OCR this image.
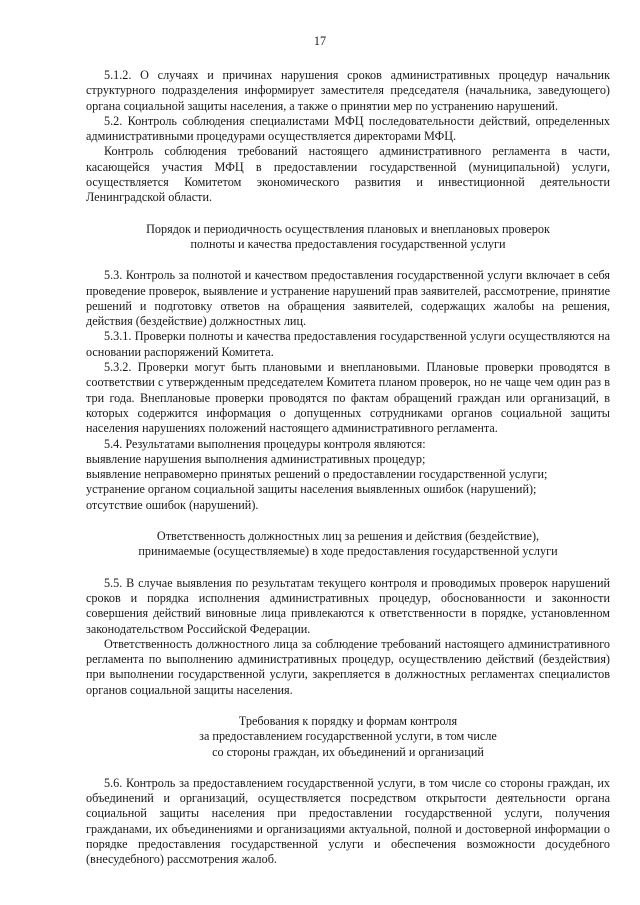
17

5.1.2. О случаях и причинах нарушения сроков административных процедур начальник структурного подразделения информирует заместителя председателя (начальника, заведующего) органа социальной защиты населения, а также о принятии мер по устранению нарушений.

5.2. Контроль соблюдения специалистами МФЦ последовательности действий, определенных административными процедурами осуществляется директорами МФЦ.

Контроль соблюдения требований настоящего административного регламента в части, касающейся участия МФЦ в предоставлении государственной (муниципальной) услуги, осуществляется Комитетом экономического развития и инвестиционной деятельности Ленинградской области.

Порядок и периодичность осуществления плановых и внеплановых проверок

полноты и качества предоставления государственной услуги

5.3. Контроль за полнотой и качеством предоставления государственной услуги включает в себя проведение проверок, выявление и устранение нарушений прав заявителей, рассмотрение, принятие решений и подготовку ответов на обращения заявителей, содержащих жалобы на решения, действия (бездействие) должностных лиц.

5.3.1. Проверки полноты и качества предоставления государственной услуги осуществляются на основании распоряжений Комитета.

5.3.2. Проверки могут быть плановыми и внеплановыми. Плановые проверки проводятся в соответствии с утвержденным председателем Комитета планом проверок, но не чаще чем один раз в три года. Внеплановые проверки проводятся по фактам обращений граждан или организаций, в которых содержится информация о допущенных сотрудниками органов социальной защиты населения нарушениях положений настоящего административного регламента.

5.4. Результатами выполнения процедуры контроля являются:

выявление нарушения выполнения административных процедур;

выявление неправомерно принятых решений о предоставлении государственной услуги;

устранение органом социальной защиты населения выявленных ошибок (нарушений);

отсутствие ошибок (нарушений).

Ответственность должностных лиц за решения и действия (бездействие),

принимаемые (осуществляемые) в ходе предоставления государственной услуги

5.5. В случае выявления по результатам текущего контроля и проводимых проверок нарушений сроков и порядка исполнения административных процедур, обоснованности и законности совершения действий виновные лица привлекаются к ответственности в порядке, установленном законодательством Российской Федерации.

Ответственность должностного лица за соблюдение требований настоящего административного регламента по выполнению административных процедур, осуществлению действий (бездействия) при выполнении государственной услуги, закрепляется в должностных регламентах специалистов органов социальной защиты населения.

Требования к порядку и формам контроля

за предоставлением государственной услуги, в том числе

со стороны граждан, их объединений и организаций

5.6. Контроль за предоставлением государственной услуги, в том числе со стороны граждан, их объединений и организаций, осуществляется посредством открытости деятельности органа социальной защиты населения при предоставлении государственной услуги, получения гражданами, их объединениями и организациями актуальной, полной и достоверной информации о порядке предоставления государственной услуги и обеспечения возможности досудебного (внесудебного) рассмотрения жалоб.
